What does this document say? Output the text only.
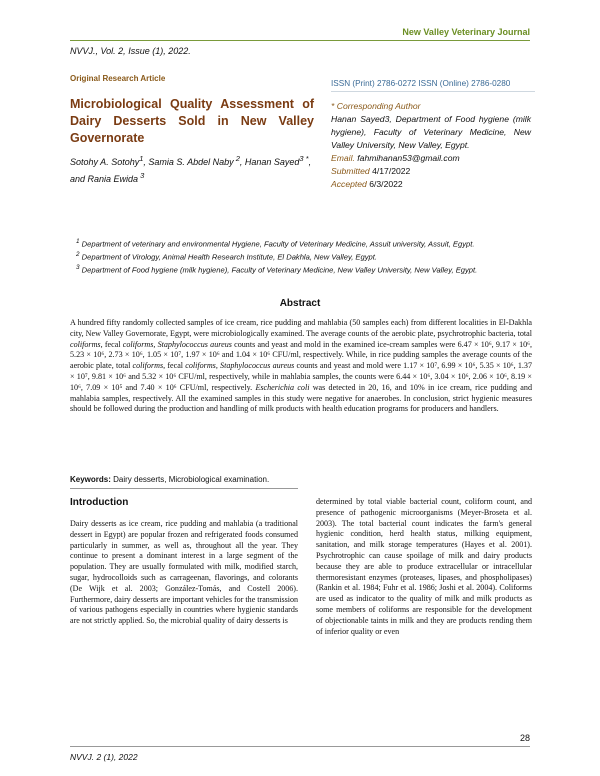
New Valley Veterinary Journal
NVVJ., Vol. 2, Issue (1), 2022.
Original Research Article
Microbiological Quality Assessment of Dairy Desserts Sold in New Valley Governorate
Sotohy A. Sotohy$^1$, Samia S. Abdel Naby $^2$, Hanan Sayed$^{3 *}$, and Rania Ewida $^3$
ISSN (Print) 2786-0272 ISSN (Online) 2786-0280
* Corresponding Author
Hanan Sayed3, Department of Food hygiene (milk hygiene), Faculty of Veterinary Medicine, New Valley University, New Valley, Egypt.
Email. fahmihanan53@gmail.com
Submitted 4/17/2022
Accepted 6/3/2022

$^1$ Department of veterinary and environmental Hygiene, Faculty of Veterinary Medicine, Assuit university, Assuit, Egypt.

$^2$ Department of Virology, Animal Health Research Institute, El Dakhla, New Valley, Egypt.

$^3$ Department of Food hygiene (milk hygiene), Faculty of Veterinary Medicine, New Valley University, New Valley, Egypt.

Abstract
A hundred fifty randomly collected samples of ice cream, rice pudding and mahlabia (50 samples each) from different localities in El-Dakhla city, New Valley Governorate, Egypt, were microbiologically examined. The average counts of the aerobic plate, psychrotrophic bacteria, total coliforms, fecal coliforms, Staphylococcus aureus counts and yeast and mold in the examined ice-cream samples were 6.47 × 10⁶, 9.17 × 10⁶, 5.23 × 10⁶, 2.73 × 10⁶, 1.05 × 10⁷, 1.97 × 10⁶ and 1.04 × 10⁶ CFU/ml, respectively. While, in rice pudding samples the average counts of the aerobic plate, total coliforms, fecal coliforms, Staphylococcus aureus counts and yeast and mold were 1.17 × 10⁷, 6.99 × 10⁶, 5.35 × 10⁶, 1.37 × 10⁷, 9.81 × 10⁶ and 5.32 × 10⁶ CFU/ml, respectively, while in mahlabia samples, the counts were 6.44 × 10⁶, 3.04 × 10⁶, 2.06 × 10⁶, 8.19 × 10⁶, 7.09 × 10⁵ and 7.40 × 10⁶ CFU/ml, respectively. Escherichia coli was detected in 20, 16, and 10% in ice cream, rice pudding and mahlabia samples, respectively. All the examined samples in this study were negative for anaerobes. In conclusion, strict hygienic measures should be followed during the production and handling of milk products with health education programs for producers and handlers.
Keywords: Dairy desserts, Microbiological examination.
Introduction

Dairy desserts as ice cream, rice pudding and mahlabia (a traditional dessert in Egypt) are popular frozen and refrigerated foods consumed particularly in summer, as well as, throughout all the year. They continue to present a dominant interest in a large segment of the population. They are usually formulated with milk, modified starch, sugar, hydrocolloids such as carrageenan, flavorings, and colorants (De Wijk et al. 2003; González-Tomás, and Costell 2006). Furthermore, dairy desserts are important vehicles for the transmission of various pathogens especially in countries where hygienic standards are not strictly applied. So, the microbial quality of dairy desserts is

determined by total viable bacterial count, coliform count, and presence of pathogenic microorganisms (Meyer-Broseta et al. 2003). The total bacterial count indicates the farm's general hygienic condition, herd health status, milking equipment, sanitation, and milk storage temperatures (Hayes et al. 2001). Psychrotrophic can cause spoilage of milk and dairy products because they are able to produce extracellular or intracellular thermoresistant enzymes (proteases, lipases, and phospholipases) (Rankin et al. 1984; Fuhr et al. 1986; Joshi et al. 2004). Coliforms are used as indicator to the quality of milk and milk products as some members of coliforms are responsible for the development of objectionable taints in milk and they are products rending them of inferior quality or even

28
NVVJ. 2 (1), 2022
